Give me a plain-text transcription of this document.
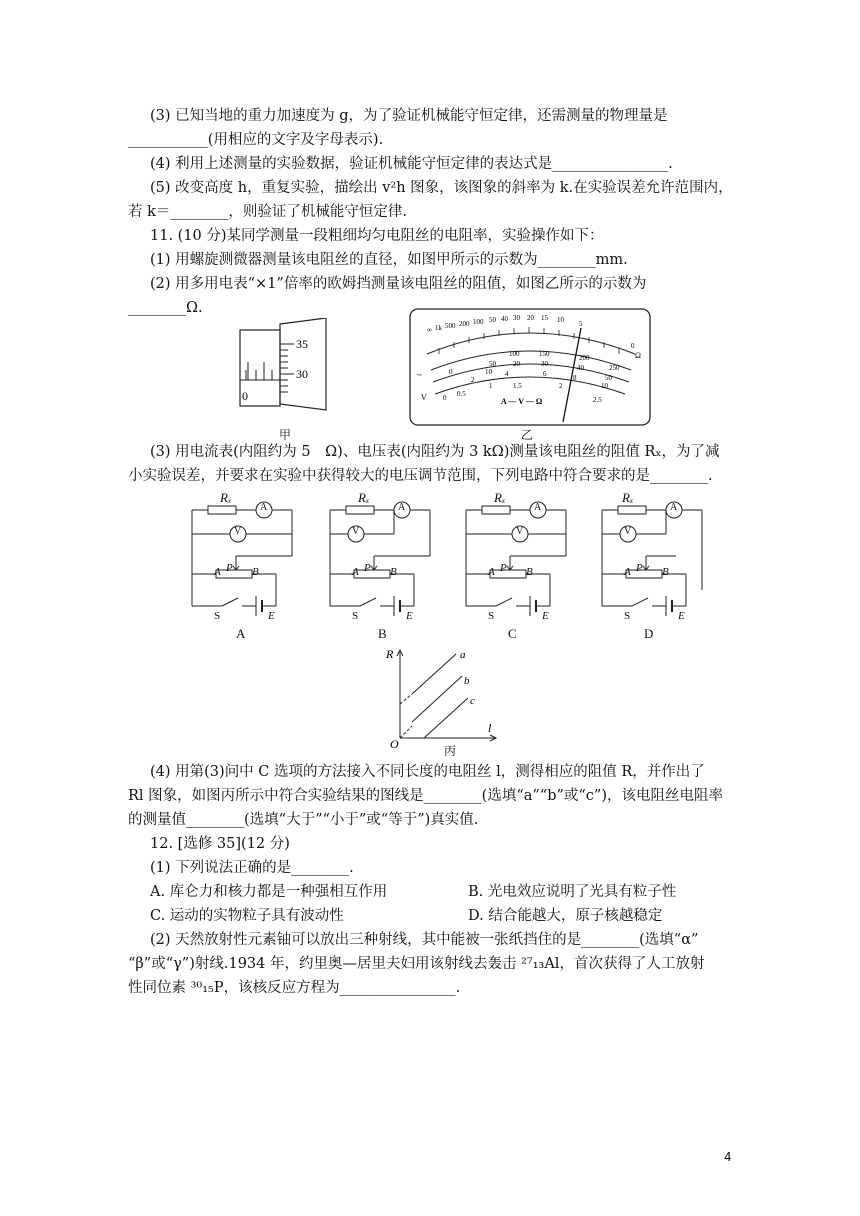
(3) 已知当地的重力加速度为 g，为了验证机械能守恒定律，还需测量的物理量是
___________(用相应的文字及字母表示).
(4) 利用上述测量的实验数据，验证机械能守恒定律的表达式是________________.
(5) 改变高度 h，重复实验，描绘出 v²h 图象，该图象的斜率为 k.在实验误差允许范围内，
若 k＝________，则验证了机械能守恒定律.
11. (10 分)某同学测量一段粗细均匀电阻丝的电阻率，实验操作如下：
(1) 用螺旋测微器测量该电阻丝的直径，如图甲所示的示数为________mm.
(2) 用多用电表“×1”倍率的欧姆挡测量该电阻丝的阻值，如图乙所示的示数为
________Ω.
35
30
0
甲
∞ 1k 500 200 100 50 40 30 20 15 10 5
0
Ω
100	150	200
250
50
0
20	30	40
50
10 4	6	8
10
2
~
0.5
1	1.5	2
2.5
0
V	A — V — Ω
乙
(3) 用电流表(内阻约为 5　Ω)、电压表(内阻约为 3 kΩ)测量该电阻丝的阻值 Rₓ，为了减
小实验误差，并要求在实验中获得较大的电压调节范围，下列电路中符合要求的是________.
Rₓ
A
V
A P B
S	E
A
Rₓ
A
V
A P B
S	E
B
Rₓ
A
V
A P B
S	E
C
Rₓ
A
V
A P B
S	E
D
R
l
O
a
b
c
丙
(4) 用第(3)问中 C 选项的方法接入不同长度的电阻丝 l，测得相应的阻值 R，并作出了
Rl 图象，如图丙所示中符合实验结果的图线是________(选填“a”“b”或“c”)，该电阻丝电阻率
的测量值________(选填“大于”“小于”或“等于”)真实值.
12. [选修 35](12 分)
(1) 下列说法正确的是________.
A. 库仑力和核力都是一种强相互作用	B. 光电效应说明了光具有粒子性
C. 运动的实物粒子具有波动性	D. 结合能越大，原子核越稳定
(2) 天然放射性元素铀可以放出三种射线，其中能被一张纸挡住的是________(选填“α”
“β”或“γ”)射线.1934 年，约里奥—居里夫妇用该射线去轰击 ²⁷₁₃Al，首次获得了人工放射
性同位素 ³⁰₁₅P，该核反应方程为________________.
4
